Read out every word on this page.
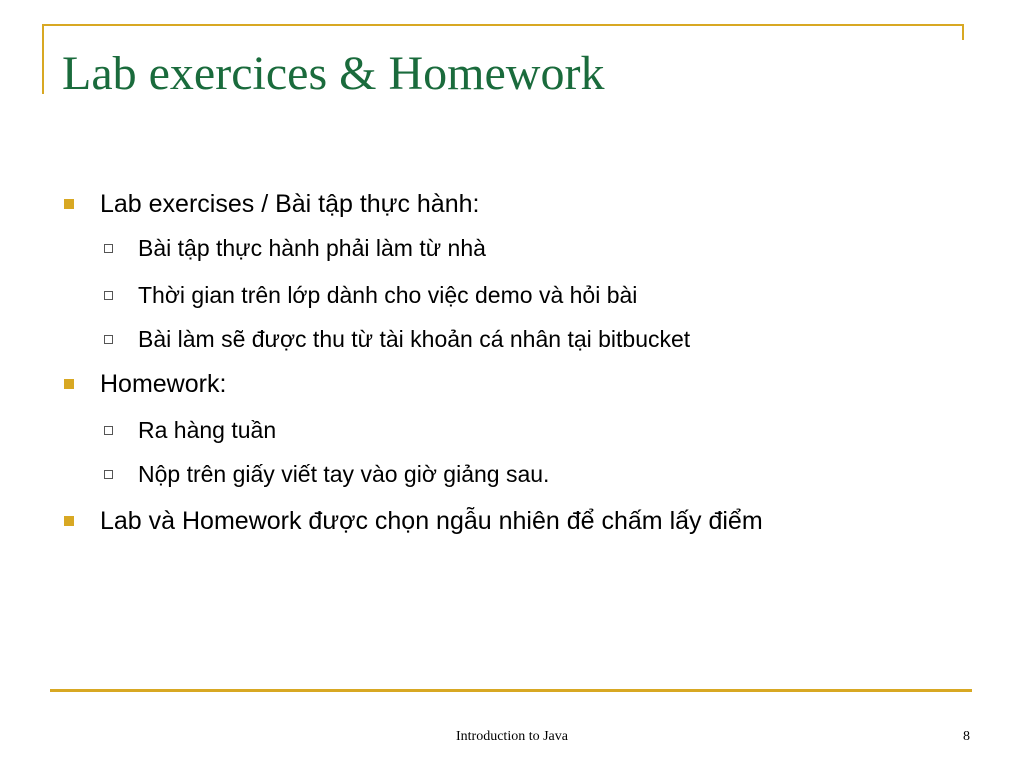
Lab exercices & Homework
Lab exercises / Bài tập thực hành:
Bài tập thực hành phải làm từ nhà
Thời gian trên lớp dành cho việc demo và hỏi bài
Bài làm sẽ được thu từ tài khoản cá nhân tại bitbucket
Homework:
Ra hàng tuần
Nộp trên giấy viết tay vào giờ giảng sau.
Lab và Homework được chọn ngẫu nhiên để chấm lấy điểm
Introduction to Java	8
